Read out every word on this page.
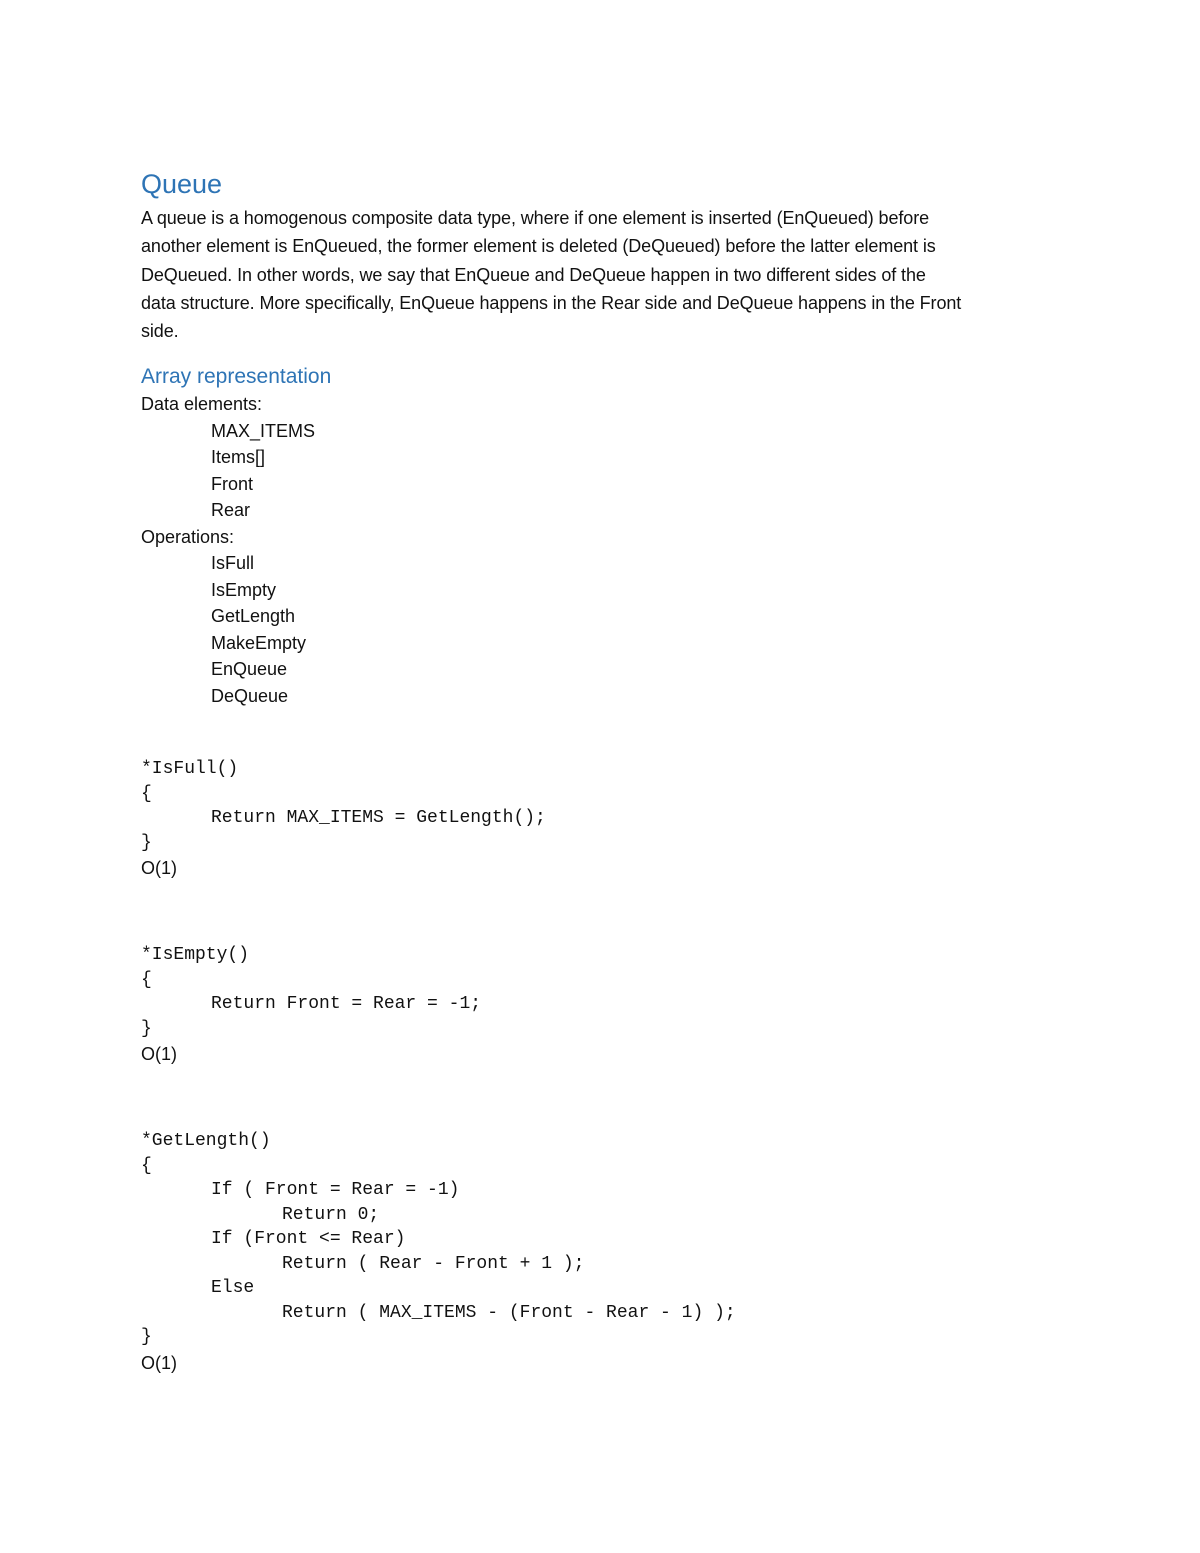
Queue

A queue is a homogenous composite data type, where if one element is inserted (EnQueued) before

another element is EnQueued, the former element is deleted (DeQueued) before the latter element is

DeQueued. In other words, we say that EnQueue and DeQueue happen in two different sides of the

data structure. More specifically, EnQueue happens in the Rear side and DeQueue happens in the Front

side.

Array representation

Data elements:

MAX_ITEMS

Items[]

Front

Rear

Operations:

IsFull

IsEmpty

GetLength

MakeEmpty

EnQueue

DeQueue

*IsFull()

{

Return MAX_ITEMS = GetLength();

}

O(1)

*IsEmpty()

{

Return Front = Rear = -1;

}

O(1)

*GetLength()

{

If ( Front = Rear = -1)

Return 0;

If (Front <= Rear)

Return ( Rear - Front + 1 );

Else

Return ( MAX_ITEMS - (Front - Rear - 1) );

}

O(1)
